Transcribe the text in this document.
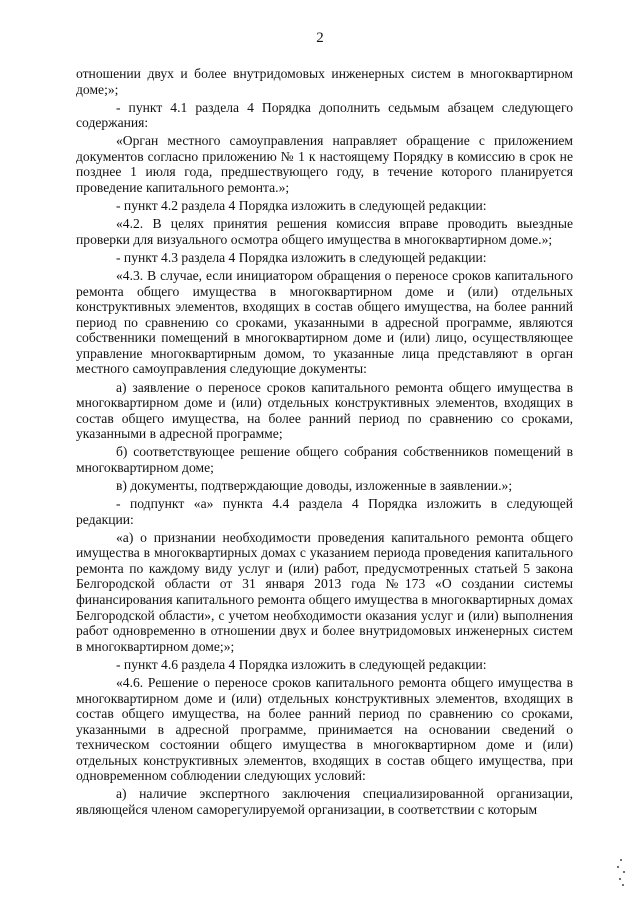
2

отношении двух и более внутридомовых инженерных систем в многоквартирном доме;»;

- пункт 4.1 раздела 4 Порядка дополнить седьмым абзацем следующего содержания:

«Орган местного самоуправления направляет обращение с приложением документов согласно приложению № 1 к настоящему Порядку в комиссию в срок не позднее 1 июля года, предшествующего году, в течение которого планируется проведение капитального ремонта.»;

- пункт 4.2 раздела 4 Порядка изложить в следующей редакции:

«4.2. В целях принятия решения комиссия вправе проводить выездные проверки для визуального осмотра общего имущества в многоквартирном доме.»;

- пункт 4.3 раздела 4 Порядка изложить в следующей редакции:

«4.3. В случае, если инициатором обращения о переносе сроков капитального ремонта общего имущества в многоквартирном доме и (или) отдельных конструктивных элементов, входящих в состав общего имущества, на более ранний период по сравнению со сроками, указанными в адресной программе, являются собственники помещений в многоквартирном доме и (или) лицо, осуществляющее управление многоквартирным домом, то указанные лица представляют в орган местного самоуправления следующие документы:

а) заявление о переносе сроков капитального ремонта общего имущества в многоквартирном доме и (или) отдельных конструктивных элементов, входящих в состав общего имущества, на более ранний период по сравнению со сроками, указанными в адресной программе;

б) соответствующее решение общего собрания собственников помещений в многоквартирном доме;

в) документы, подтверждающие доводы, изложенные в заявлении.»;

- подпункт «а» пункта 4.4 раздела 4 Порядка изложить в следующей редакции:

«а) о признании необходимости проведения капитального ремонта общего имущества в многоквартирных домах с указанием периода проведения капитального ремонта по каждому виду услуг и (или) работ, предусмотренных статьей 5 закона Белгородской области от 31 января 2013 года №173 «О создании системы финансирования капитального ремонта общего имущества в многоквартирных домах Белгородской области», с учетом необходимости оказания услуг и (или) выполнения работ одновременно в отношении двух и более внутридомовых инженерных систем в многоквартирном доме;»;

- пункт 4.6 раздела 4 Порядка изложить в следующей редакции:

«4.6. Решение о переносе сроков капитального ремонта общего имущества в многоквартирном доме и (или) отдельных конструктивных элементов, входящих в состав общего имущества, на более ранний период по сравнению со сроками, указанными в адресной программе, принимается на основании сведений о техническом состоянии общего имущества в многоквартирном доме и (или) отдельных конструктивных элементов, входящих в состав общего имущества, при одновременном соблюдении следующих условий:

а) наличие экспертного заключения специализированной организации, являющейся членом саморегулируемой организации, в соответствии с которым
